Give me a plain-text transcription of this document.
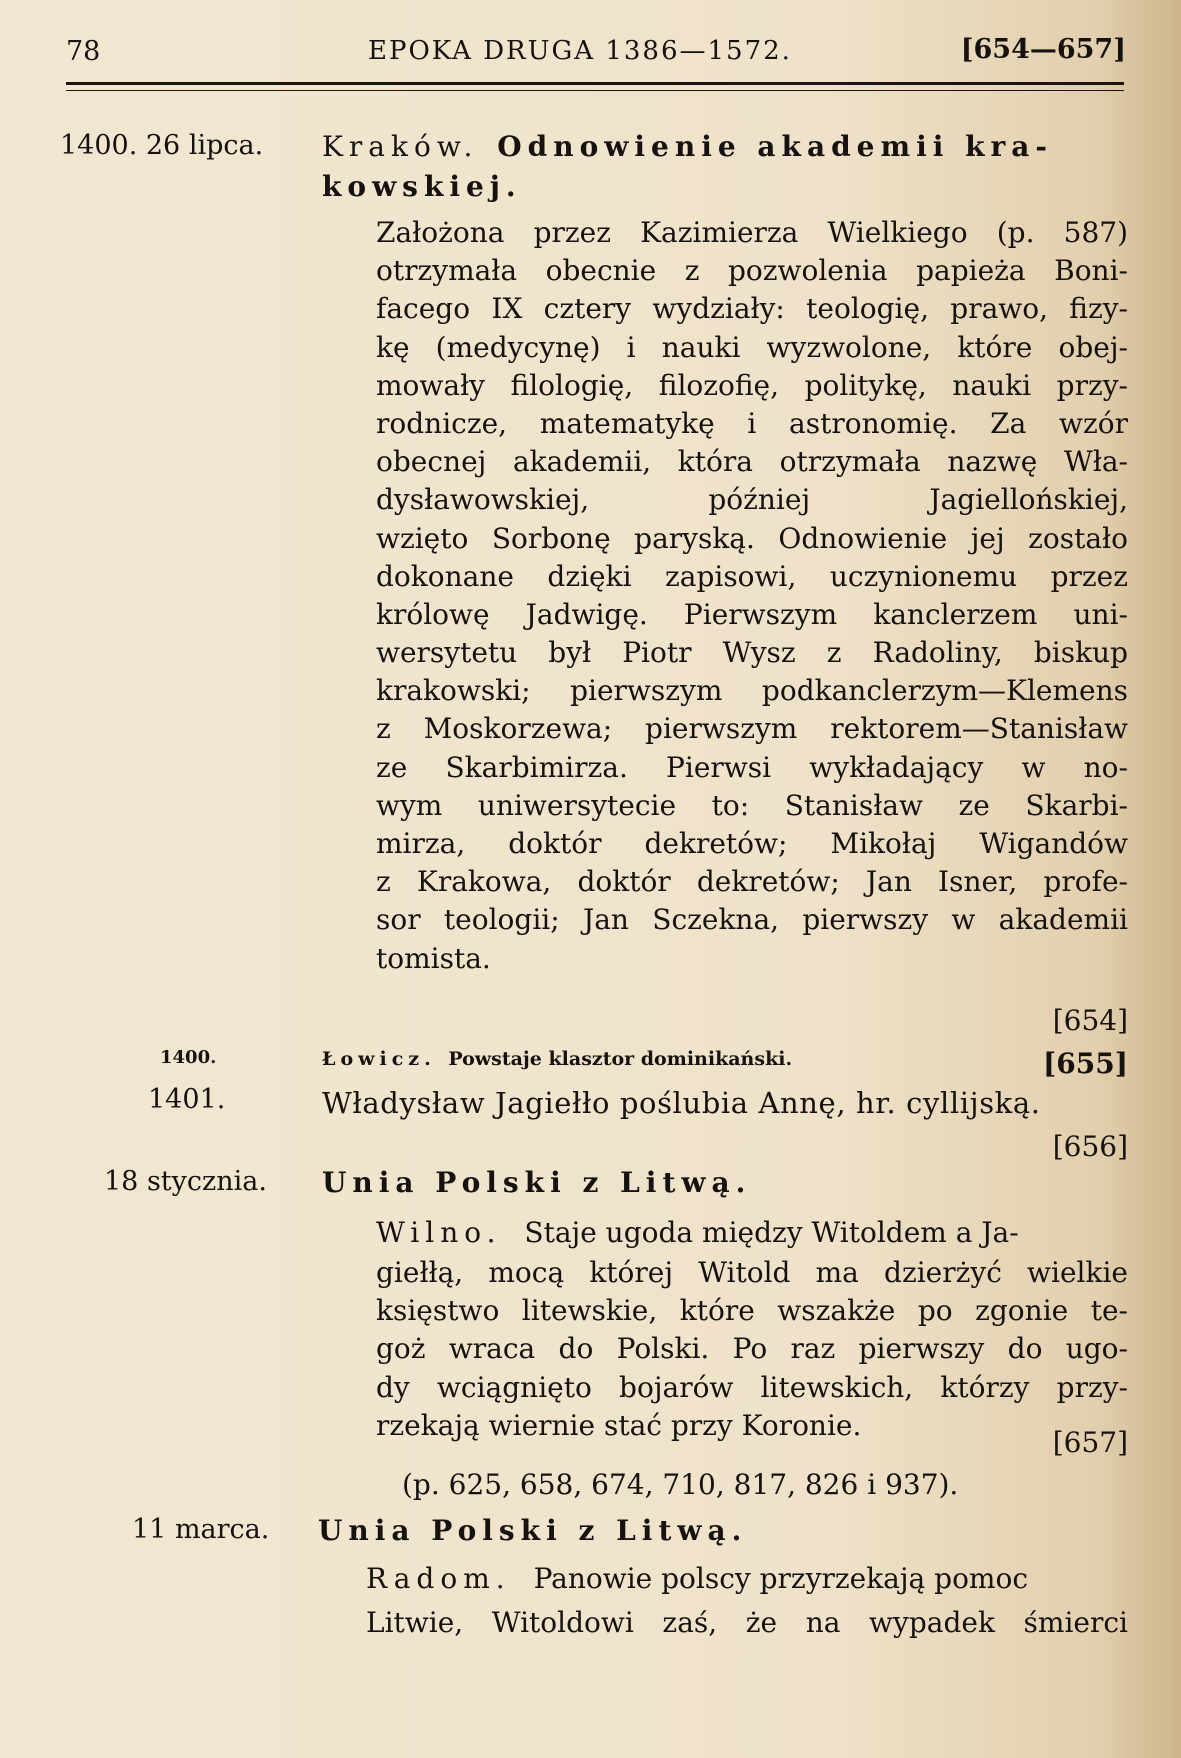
78	EPOKA DRUGA 1386—1572.	[654—657]
1400. 26 lipca. Kraków. Odnowienie akademii kra-
kowskiej.
Założona przez Kazimierza Wielkiego (p. 587)
otrzymała obecnie z pozwolenia papieża Boni-
facego IX cztery wydziały: teologię, prawo, fizy-
kę (medycynę) i nauki wyzwolone, które obej-
mowały filologię, filozofię, politykę, nauki przy-
rodnicze, matematykę i astronomię. Za wzór
obecnej akademii, która otrzymała nazwę Wła-
dysławowskiej, później Jagiellońskiej,
wzięto Sorbonę paryską. Odnowienie jej zostało
dokonane dzięki zapisowi, uczynionemu przez
królowę Jadwigę. Pierwszym kanclerzem uni-
wersytetu był Piotr Wysz z Radoliny, biskup
krakowski; pierwszym podkanclerzym—Klemens
z Moskorzewa; pierwszym rektorem—Stanisław
ze Skarbimirza. Pierwsi wykładający w no-
wym uniwersytecie to: Stanisław ze Skarbi-
mirza, doktór dekretów; Mikołaj Wigandów
z Krakowa, doktór dekretów; Jan Isner, profe-
sor teologii; Jan Sczekna, pierwszy w akademii
tomista.
[654]
1400.	Łowicz. Powstaje klasztor dominikański.	[655]
1401.	Władysław Jagiełło poślubia Annę, hr. cyllijską.
[656]
18 stycznia. Unia Polski z Litwą.
Wilno. Staje ugoda między Witoldem a Ja-
giełłą, mocą której Witold ma dzierżyć wielkie
księstwo litewskie, które wszakże po zgonie te-
goż wraca do Polski. Po raz pierwszy do ugo-
dy wciągnięto bojarów litewskich, którzy przy-
rzekają wiernie stać przy Koronie.
[657]
(p. 625, 658, 674, 710, 817, 826 i 937).
11 marca. Unia Polski z Litwą.
Radom. Panowie polscy przyrzekają pomoc
Litwie, Witoldowi zaś, że na wypadek śmierci
